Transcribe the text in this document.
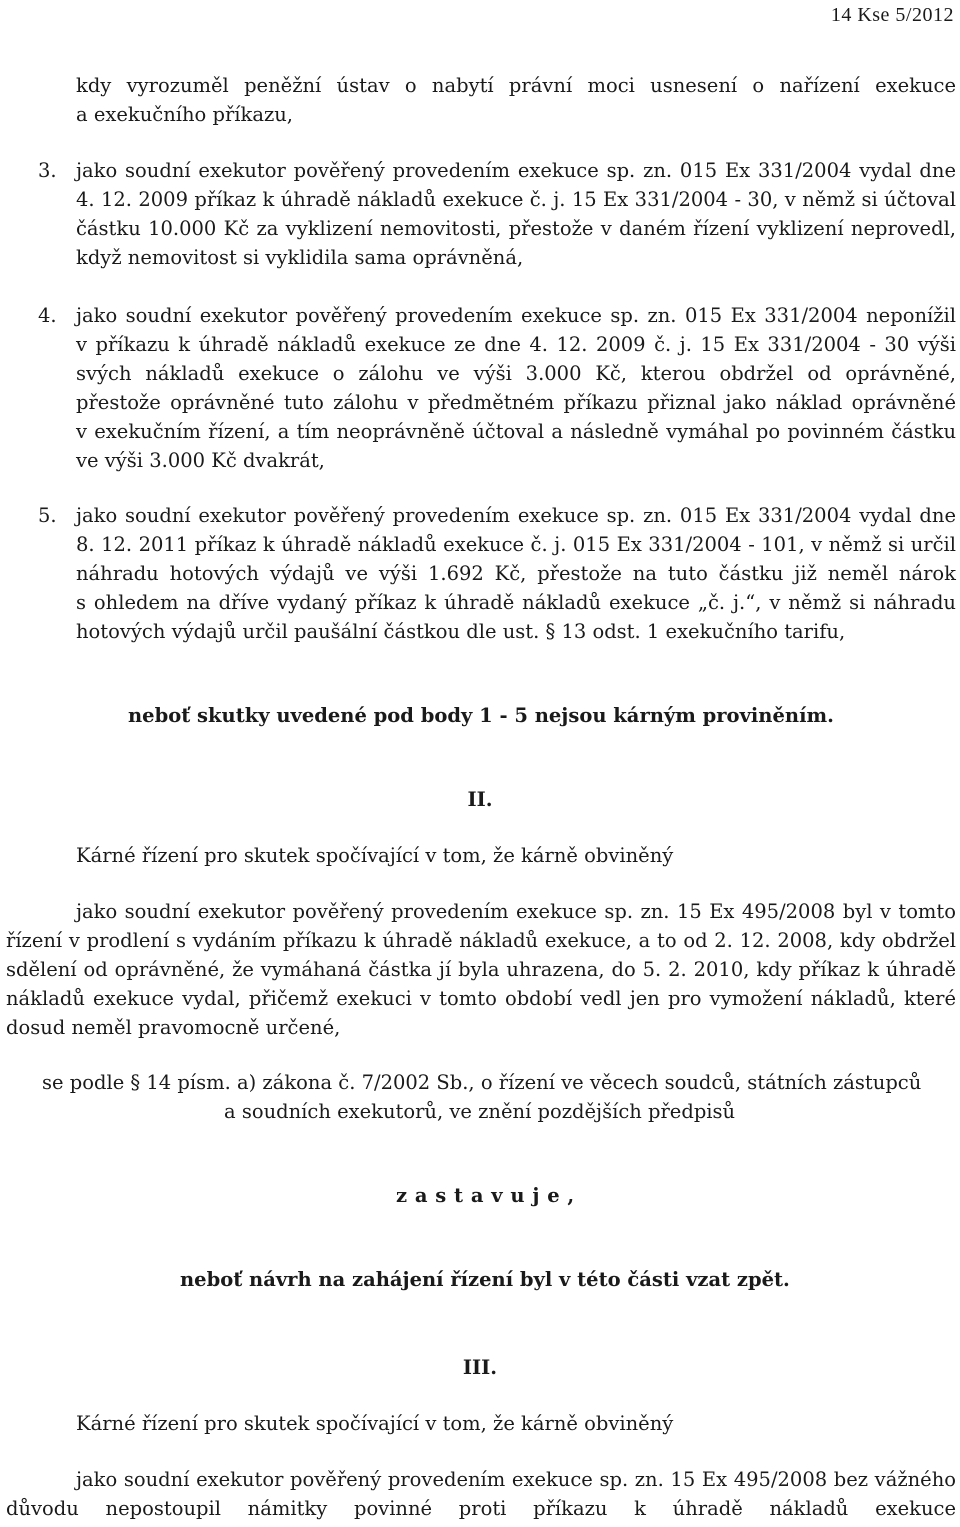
14 Kse 5/2012
kdy vyrozuměl peněžní ústav o nabytí právní moci usnesení o nařízení exekuce
a exekučního příkazu,
3. jako soudní exekutor pověřený provedením exekuce sp. zn. 015 Ex 331/2004 vydal dne
4. 12. 2009 příkaz k úhradě nákladů exekuce č. j. 15 Ex 331/2004 - 30, v němž si účtoval
částku 10.000 Kč za vyklizení nemovitosti, přestože v daném řízení vyklizení neprovedl,
když nemovitost si vyklidila sama oprávněná,
4. jako soudní exekutor pověřený provedením exekuce sp. zn. 015 Ex 331/2004 neponížil
v příkazu k úhradě nákladů exekuce ze dne 4. 12. 2009 č. j. 15 Ex 331/2004 - 30 výši
svých nákladů exekuce o zálohu ve výši 3.000 Kč, kterou obdržel od oprávněné,
přestože oprávněné tuto zálohu v předmětném příkazu přiznal jako náklad oprávněné
v exekučním řízení, a tím neoprávněně účtoval a následně vymáhal po povinném částku
ve výši 3.000 Kč dvakrát,
5. jako soudní exekutor pověřený provedením exekuce sp. zn. 015 Ex 331/2004 vydal dne
8. 12. 2011 příkaz k úhradě nákladů exekuce č. j. 015 Ex 331/2004 - 101, v němž si určil
náhradu hotových výdajů ve výši 1.692 Kč, přestože na tuto částku již neměl nárok
s ohledem na dříve vydaný příkaz k úhradě nákladů exekuce „č. j.“, v němž si náhradu
hotových výdajů určil paušální částkou dle ust. § 13 odst. 1 exekučního tarifu,
neboť skutky uvedené pod body 1 - 5 nejsou kárným proviněním.
II.
Kárné řízení pro skutek spočívající v tom, že kárně obviněný
jako soudní exekutor pověřený provedením exekuce sp. zn. 15 Ex 495/2008 byl v tomto
řízení v prodlení s vydáním příkazu k úhradě nákladů exekuce, a to od 2. 12. 2008, kdy obdržel
sdělení od oprávněné, že vymáhaná částka jí byla uhrazena, do 5. 2. 2010, kdy příkaz k úhradě
nákladů exekuce vydal, přičemž exekuci v tomto období vedl jen pro vymožení nákladů, které
dosud neměl pravomocně určené,
se podle § 14 písm. a) zákona č. 7/2002 Sb., o řízení ve věcech soudců, státních zástupců
a soudních exekutorů, ve znění pozdějších předpisů
z a s t a v u j e ,
neboť návrh na zahájení řízení byl v této části vzat zpět.
III.
Kárné řízení pro skutek spočívající v tom, že kárně obviněný
jako soudní exekutor pověřený provedením exekuce sp. zn. 15 Ex 495/2008 bez vážného
důvodu nepostoupil námitky povinné proti příkazu k úhradě nákladů exekuce
